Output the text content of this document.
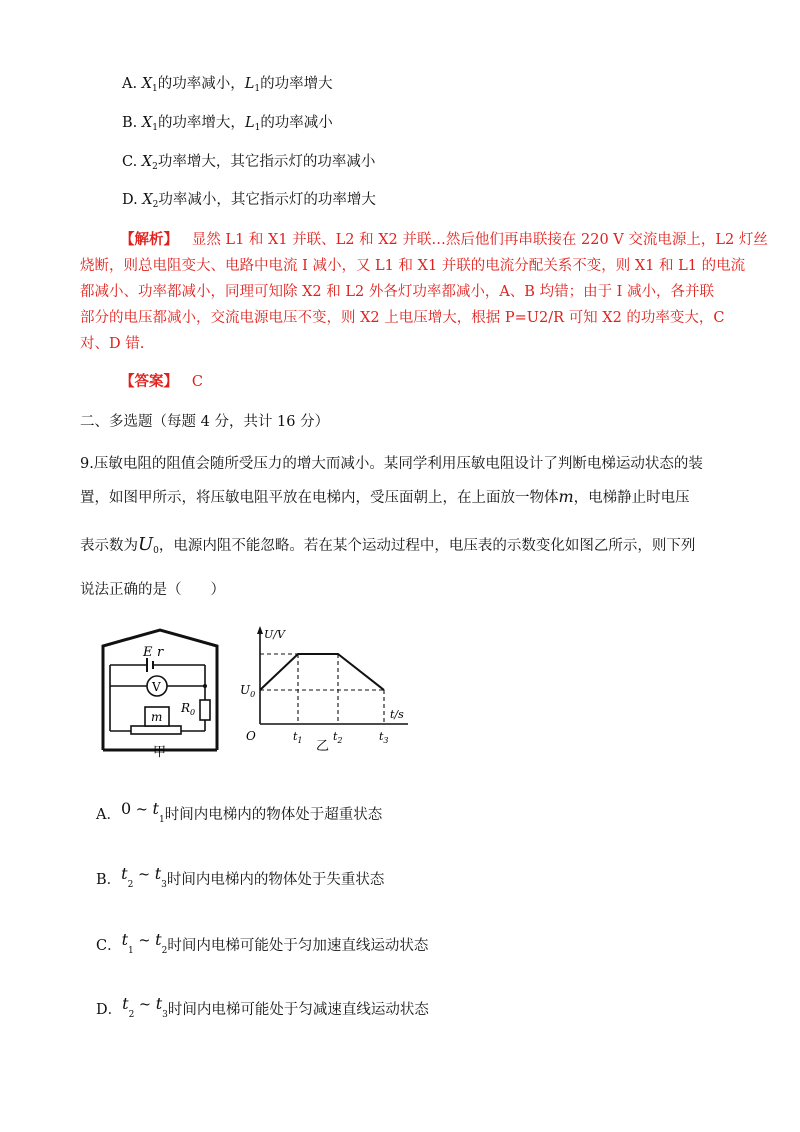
A. $X_1$的功率减小，$L_1$的功率增大
B. $X_1$的功率增大，$L_1$的功率减小
C. $X_2$功率增大，其它指示灯的功率减小
D. $X_2$功率减小，其它指示灯的功率增大
【解析】 显然 L1 和 X1 并联、L2 和 X2 并联…然后他们再串联接在 220 V 交流电源上，L2 灯丝
烧断，则总电阻变大、电路中电流 I 减小，又 L1 和 X1 并联的电流分配关系不变，则 X1 和 L1 的电流
都减小、功率都减小，同理可知除 X2 和 L2 外各灯功率都减小，A、B 均错；由于 I 减小，各并联
部分的电压都减小，交流电源电压不变，则 X2 上电压增大，根据 P=U2/R 可知 X2 的功率变大，C
对、D 错.
【答案】 C
二、多选题（每题 4 分，共计 16 分）
9.压敏电阻的阻值会随所受压力的增大而减小。某同学利用压敏电阻设计了判断电梯运动状态的装
置，如图甲所示，将压敏电阻平放在电梯内，受压面朝上，在上面放一物体m，电梯静止时电压
表示数为$U_0$，电源内阻不能忽略。若在某个运动过程中，电压表的示数变化如图乙所示，则下列
说法正确的是（　　）
E r
V
$R_0$
m
甲
U/V
t/s
O
$U_0$
$t_1$	$t_2$	$t_3$
乙
A．0 ~ $t_1$时间内电梯内的物体处于超重状态
B．$t_2$ ~ $t_3$时间内电梯内的物体处于失重状态
C．$t_1$ ~ $t_2$时间内电梯可能处于匀加速直线运动状态
D．$t_2$ ~ $t_3$时间内电梯可能处于匀减速直线运动状态
